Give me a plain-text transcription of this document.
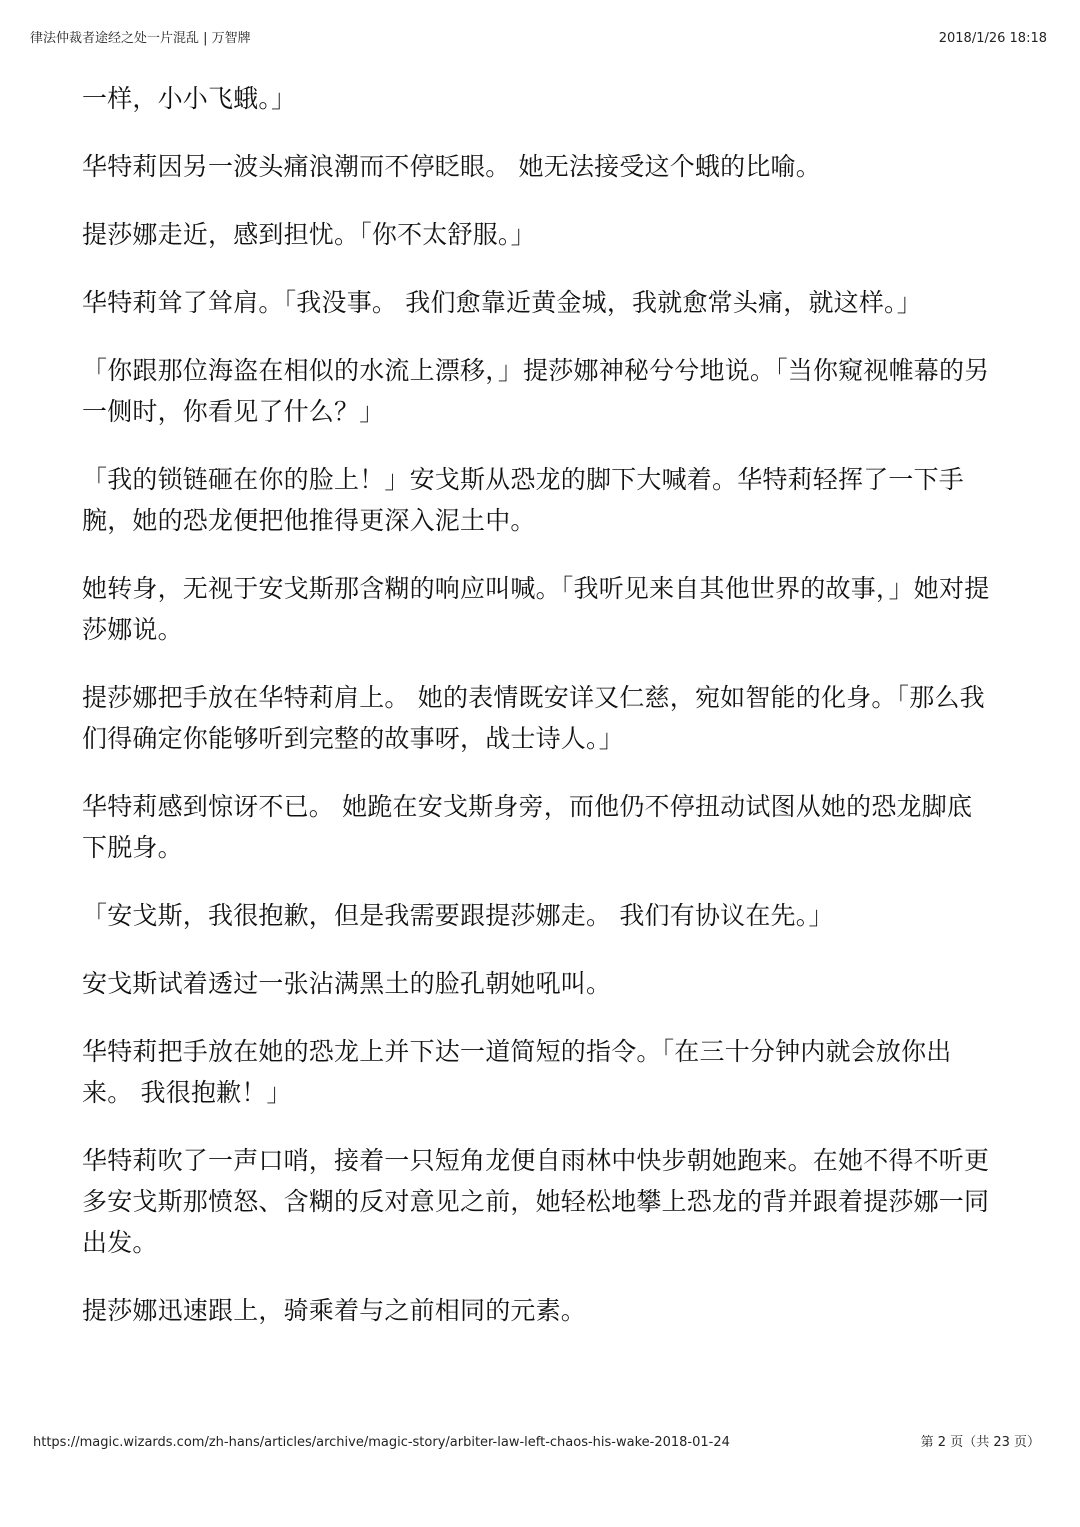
律法仲裁者途经之处一片混乱 | 万智牌	2018/1/26 18:18

一样，小小飞蛾。」

华特莉因另一波头痛浪潮而不停眨眼。 她无法接受这个蛾的比喻。

提莎娜走近，感到担忧。「你不太舒服。」

华特莉耸了耸肩。「我没事。 我们愈靠近黄金城，我就愈常头痛，就这样。」

「你跟那位海盗在相似的水流上漂移，」提莎娜神秘兮兮地说。「当你窥视帷幕的另一侧时，你看见了什么？」

「我的锁链砸在你的脸上！」安戈斯从恐龙的脚下大喊着。华特莉轻挥了一下手腕，她的恐龙便把他推得更深入泥土中。

她转身，无视于安戈斯那含糊的响应叫喊。「我听见来自其他世界的故事，」她对提莎娜说。

提莎娜把手放在华特莉肩上。 她的表情既安详又仁慈，宛如智能的化身。「那么我们得确定你能够听到完整的故事呀，战士诗人。」

华特莉感到惊讶不已。 她跪在安戈斯身旁，而他仍不停扭动试图从她的恐龙脚底下脱身。

「安戈斯，我很抱歉，但是我需要跟提莎娜走。 我们有协议在先。」

安戈斯试着透过一张沾满黑土的脸孔朝她吼叫。

华特莉把手放在她的恐龙上并下达一道简短的指令。「在三十分钟内就会放你出来。 我很抱歉！」

华特莉吹了一声口哨，接着一只短角龙便自雨林中快步朝她跑来。在她不得不听更多安戈斯那愤怒、含糊的反对意见之前，她轻松地攀上恐龙的背并跟着提莎娜一同出发。

提莎娜迅速跟上，骑乘着与之前相同的元素。

https://magic.wizards.com/zh-hans/articles/archive/magic-story/arbiter-law-left-chaos-his-wake-2018-01-24	第 2 页（共 23 页）
